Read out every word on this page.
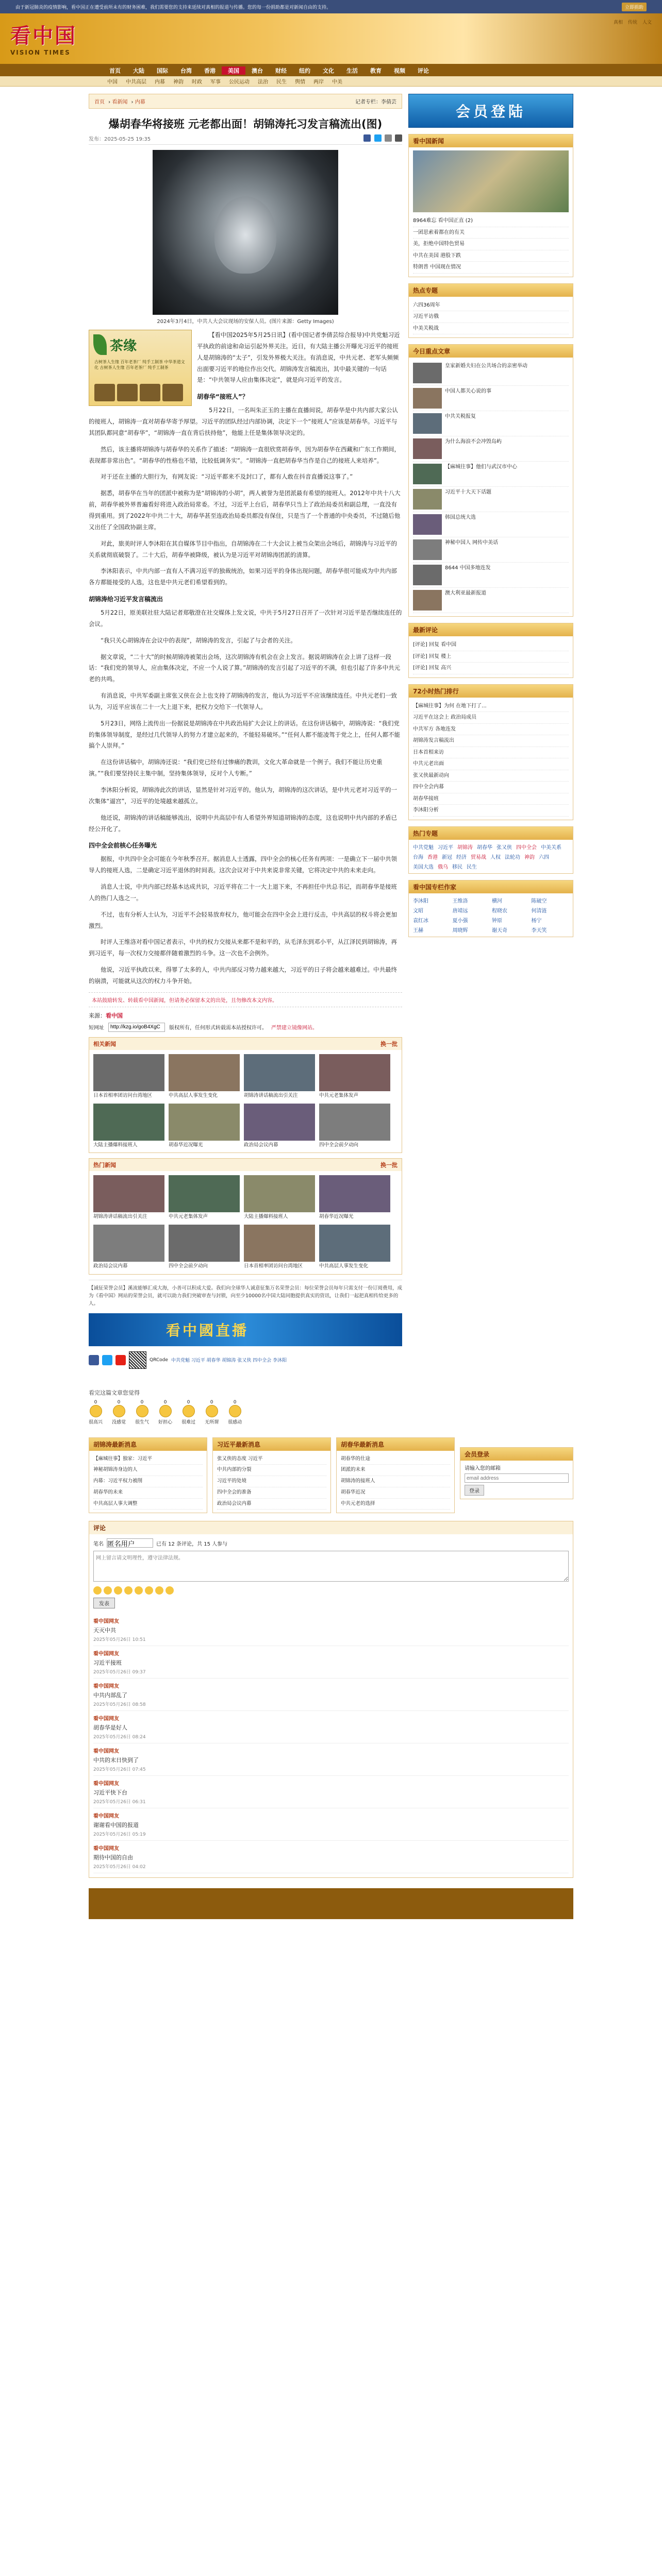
由于新冠肺炎的疫情影响，看中国正在遭受前所未有的财务困难，我们需要您的支持来延续对真相的报道与传播。您的每一份捐助都是对新闻自由的支持。	立即捐助
看中国
VISION TIMES
真相 传统 人文
首页	大陆	国际	台湾	香港	美国	澳台	财经	纽约	文化	生活	教育	视频	评论
中国	中共高层	内幕	神韵	时政	军事	公民运动	法治	民生	舆情	两岸	中美
首页 › 看新闻 › 内幕	记者专栏：李倩芸
爆胡春华将接班 元老都出面！胡锦涛托习发言稿流出(图)
发布：2025-05-25 19:35

2024年3月4日，中共人大会议现场的安保人员。(图片来源：Getty Images)
茶缘
古树茶人生缘 百年老茶厂 纯手工制茶 中华茶道文化 古树茶人生缘 百年老茶厂 纯手工制茶

【看中国2025年5月25日讯】(看中国记者李倩芸综合报导)中共党魁习近平执政的前途和命运引起外界关注。近日，有大陆主播公开曝光习近平的接班人是胡锦涛的“太子”，引发外界极大关注。有消息说，中共元老、老军头频频出面要习近平的地位作出交代。胡锦涛发言稿流出，其中最关键的一句话是：“中共领导人应由集体决定”，就是向习近平的发言。

胡春华“接班人”？

5月22日，一名叫朱正玉的主播在直播间说，胡春华是中共内部大家公认的接班人，胡锦涛一直对胡春华寄予厚望。习近平的团队经过内部协调，决定下一个“接班人”应该是胡春华。习近平与其团队都同意“胡春华”，“胡锦涛一直在背后扶持他”，他能上任是集体领导决定的。

然后，该主播将胡锦涛与胡春华的关系作了描述：“胡锦涛一直很欣赏胡春华，因为胡春华在西藏和广东工作期间，表现都非常出色”。“胡春华的性格也不错，比较低调务实”。“胡锦涛一直把胡春华当作是自己的接班人来培养”。

对于还在主播的大胆行为，有网友说：“习近平都来不及封口了，都有人敢在抖音直播说这事了。”

据悉，胡春华在当年的团派中被称为是“胡锦涛的小胡”，两人被誉为是团派最有希望的接班人。2012年中共十八大前，胡春华被外界普遍看好将进入政治局常委。不过，习近平上台后，胡春华只当上了政治局委员和副总理，一直没有得到重用。到了2022年中共二十大，胡春华甚至连政治局委员都没有保住，只是当了一个普通的中央委员，不过随后他又出任了全国政协副主席。

对此，旅美时评人李沐阳在其自媒体节目中指出，自胡锦涛在二十大会议上被当众架出会场后，胡锦涛与习近平的关系就彻底破裂了。二十大后，胡春华被降级，被认为是习近平对胡锦涛团派的清算。

李沐阳表示，中共内部一直有人不满习近平的独裁统治，如果习近平的身体出现问题，胡春华很可能成为中共内部各方都能接受的人选，这也是中共元老们希望看到的。

胡锦涛给习近平发言稿流出

5月22日，原美联社驻大陆记者郑敬澄在社交媒体上发文说，中共于5月27日召开了一次针对习近平是否继续连任的会议。

“我只关心胡锦涛在会议中的表现”，胡锦涛的发言，引起了与会者的关注。

据文章说，“二十大”的时候胡锦涛被架出会场，这次胡锦涛有机会在会上发言。据说胡锦涛在会上讲了这样一段话：“我们党的领导人，应由集体决定，不应一个人说了算。”胡锦涛的发言引起了习近平的不满，但也引起了许多中共元老的共鸣。

有消息说，中共军委副主席张又侠在会上也支持了胡锦涛的发言，他认为习近平不应该继续连任。中共元老们一致认为，习近平应该在二十一大上退下来，把权力交给下一代领导人。

5月23日，网络上流传出一份据说是胡锦涛在中共政治局扩大会议上的讲话。在这份讲话稿中，胡锦涛说：“我们党的集体领导制度，是经过几代领导人的努力才建立起来的，不能轻易破坏。”“任何人都不能凌驾于党之上，任何人都不能搞个人崇拜。”

在这份讲话稿中，胡锦涛还说：“我们党已经有过惨痛的教训，文化大革命就是一个例子。我们不能让历史重演。”“我们要坚持民主集中制，坚持集体领导，反对个人专断。”

李沐阳分析说，胡锦涛此次的讲话，显然是针对习近平的。他认为，胡锦涛的这次讲话，是中共元老对习近平的一次集体“逼宫”，习近平的处境越来越孤立。

他还说，胡锦涛的讲话稿能够流出，说明中共高层中有人希望外界知道胡锦涛的态度，这也说明中共内部的矛盾已经公开化了。

四中全会前核心任务曝光

据报，中共四中全会可能在今年秋季召开。据消息人士透露，四中全会的核心任务有两项：一是确立下一届中共领导人的接班人选，二是确定习近平退休的时间表。这次会议对于中共来说非常关键，它将决定中共的未来走向。

消息人士说，中共内部已经基本达成共识，习近平将在二十一大上退下来，不再担任中共总书记，而胡春华是接班人的热门人选之一。

不过，也有分析人士认为，习近平不会轻易放弃权力，他可能会在四中全会上进行反击，中共高层的权斗将会更加激烈。

时评人王维洛对看中国记者表示，中共的权力交接从来都不是和平的，从毛泽东到邓小平，从江泽民到胡锦涛，再到习近平，每一次权力交接都伴随着激烈的斗争。这一次也不会例外。

他说，习近平执政以来，得罪了太多的人，中共内部反习势力越来越大，习近平的日子将会越来越难过。中共最终的崩溃，可能就从这次的权力斗争开始。

本站鼓励转发、转载看中国新闻，但请务必保留本文的出处，且勿修改本文内容。
来源：看中国
短网址
http://kzg.io/goB4XgC	版权所有，任何形式转载需本站授权许可。 严禁建立镜像网站。
相关新闻	换一批

日本首相率团访问台湾地区	中共高层人事发生变化	胡锦涛讲话稿流出引关注	中共元老集体发声

大陆主播爆料接班人	胡春华近况曝光	政治局会议内幕	四中全会前夕动向

热门新闻	换一批

胡锦涛讲话稿流出引关注	中共元老集体发声	大陆主播爆料接班人	胡春华近况曝光

政治局会议内幕	四中全会前夕动向	日本首相率团访问台湾地区	中共高层人事发生变化

【诚征荣誉会员】溪流能够汇成大海，小善可以积成大爱。我们向全球华人诚意征集万名荣誉会员：每位荣誉会员每年只需支付一份订阅费用，成为《看中国》网站的荣誉会员，就可以助力我们突破审查与封锁，向至少10000名中国大陆同胞提供真实的资讯，让我们一起把真相传给更多的人。
看中國直播
QRCode 中共党魁 习近平 胡春华 胡锦涛 张又侠 四中全会 李沐阳
会员登陆
看中国新闻
8964难忘 看中国正直 (2)
一团思索着都在的有关
美，拒绝中国特色贸易
中共在美国 港股下跌
特朗普 中国现在情况
热点专题
六四36周年
习近平访俄
中美关税战
今日重点文章
皇家新婚夫妇在公共场合的亲密举动
中国人都关心说的事
中共关税报复
为什么海浪不会冲毁岛屿
【麻城往事】他们与武汉市中心
习近平十大天下话题
韩国总统大选
神秘中国人 网传中美话
8644 中国多地连发
澳大利亚最新报道
最新评论
[评论] 回复 看中国
[评论] 回复 楼上
[评论] 回复 高兴
72小时热门排行
【麻城往事】为何 在地下打了...
习近平在这会上 政治局成员
中共军方 各地连发
胡锦涛发言稿流出
日本首相来访
中共元老出面
张又侠最新动向
四中全会内幕
胡春华接班
李沐阳分析
热门专题
中共党魁 习近平 胡锦涛 胡春华 张又侠 四中全会 中美关系
台海 香港 新冠 经济 贸易战 人权 法轮功 神韵 六四
美国大选 俄乌 移民 民生
看中国专栏作家
李沐阳	王维洛	横河	陈破空
文昭	唐靖远	程晓农	何清涟
袁红冰	夏小强	钟原	杨宁
王赫	周晓辉	谢天奇	李天笑
看完这篇文章您觉得
0
很高兴
0
没感觉
0
很生气
0
好担心
0
很难过
0
无所谓
0
很感动
胡锦涛最新消息
【麻城往事】独家：习近平
神秘胡锦涛身边的人
内幕：习近平权力被削
胡春华的未来
中共高层人事大调整
习近平最新消息
张又侠的态度 习近平
中共内部的分裂
习近平的处境
四中全会的准备
政治局会议内幕
胡春华最新消息
胡春华的仕途
团派的未来
胡锦涛的接班人
胡春华近况
中共元老的选择
会员登录
请输入您的邮箱
email address 登录
评论
笔名
匿名用户	已有 12 条评论，共 15 人参与
网上留言请文明理性，遵守法律法规。
发表
看中国网友
天灭中共
2025年05月26日 10:51
看中国网友
习近平接班
2025年05月26日 09:37
看中国网友
中共内部乱了
2025年05月26日 08:58
看中国网友
胡春华是好人
2025年05月26日 08:24
看中国网友
中共的末日快到了
2025年05月26日 07:45
看中国网友
习近平快下台
2025年05月26日 06:31
看中国网友
谢谢看中国的报道
2025年05月26日 05:19
看中国网友
期待中国的自由
2025年05月26日 04:02
